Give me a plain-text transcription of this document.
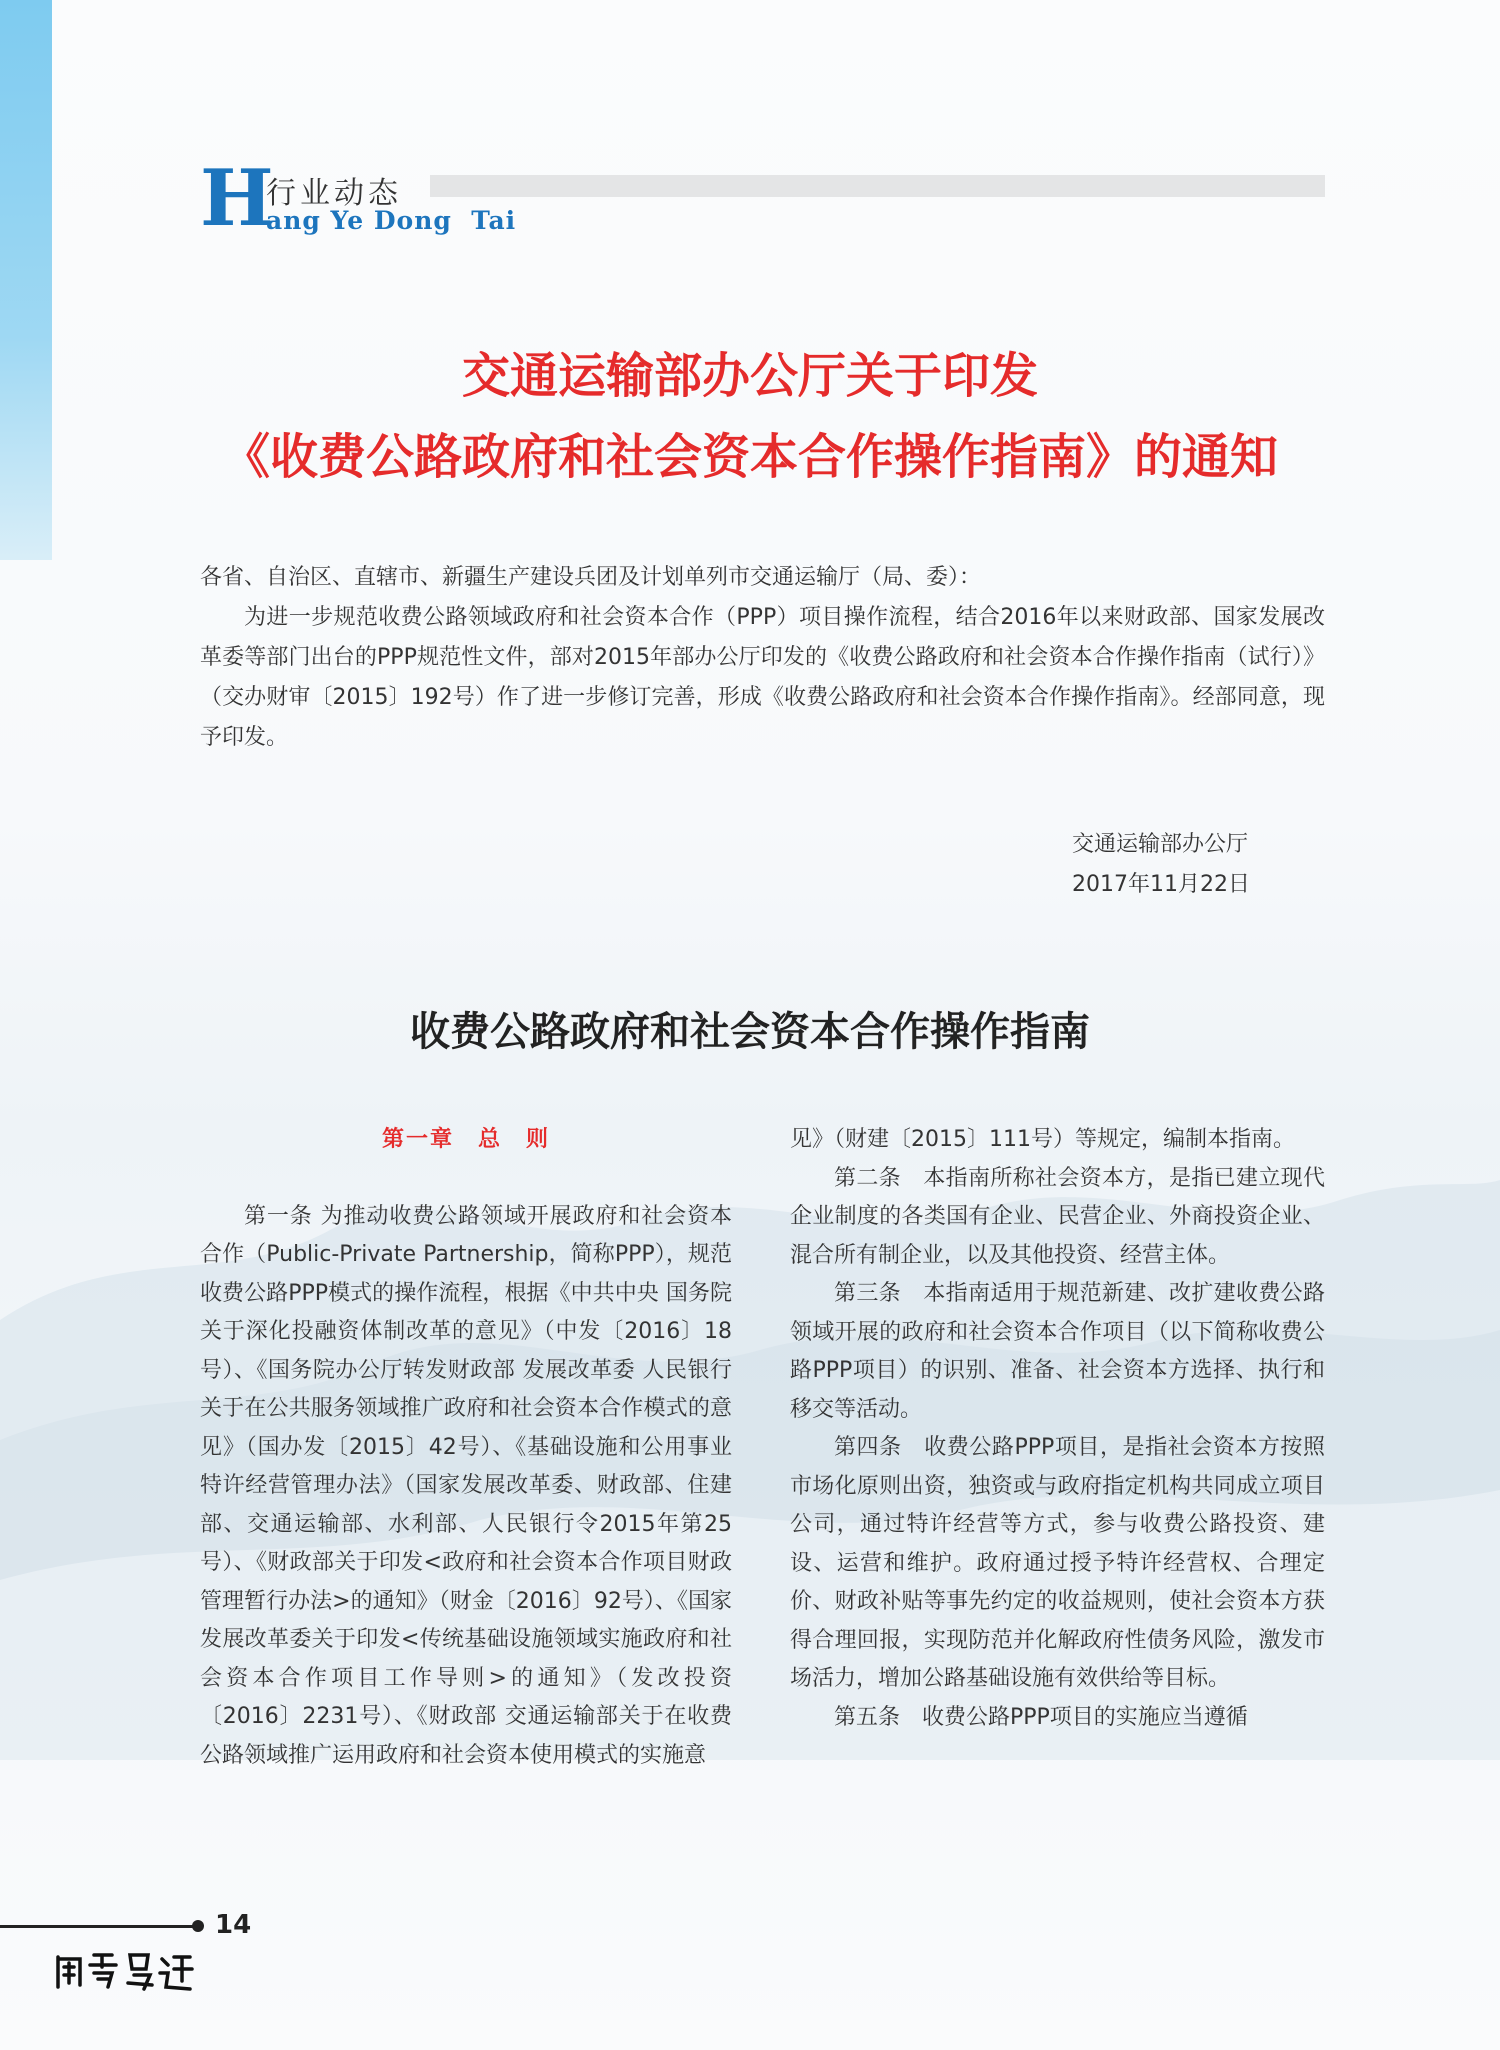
H
行业动态
ang Ye Dong  Tai
交通运输部办公厅关于印发
《收费公路政府和社会资本合作操作指南》的通知
各省、自治区、直辖市、新疆生产建设兵团及计划单列市交通运输厅（局、委）：
为进一步规范收费公路领域政府和社会资本合作（PPP）项目操作流程，结合2016年以来财政部、国家发展改革委等部门出台的PPP规范性文件，部对2015年部办公厅印发的《收费公路政府和社会资本合作操作指南（试行）》（交办财审〔2015〕192号）作了进一步修订完善，形成《收费公路政府和社会资本合作操作指南》。经部同意，现予印发。
交通运输部办公厅
2017年11月22日
收费公路政府和社会资本合作操作指南
第一章　总　则

第一条 为推动收费公路领域开展政府和社会资本合作（Public-Private Partnership，简称PPP），规范收费公路PPP模式的操作流程，根据《中共中央 国务院关于深化投融资体制改革的意见》（中发〔2016〕18号）、《国务院办公厅转发财政部 发展改革委 人民银行关于在公共服务领域推广政府和社会资本合作模式的意见》（国办发〔2015〕42号）、《基础设施和公用事业特许经营管理办法》（国家发展改革委、财政部、住建部、交通运输部、水利部、人民银行令2015年第25号）、《财政部关于印发<政府和社会资本合作项目财政管理暂行办法>的通知》（财金〔2016〕92号）、《国家发展改革委关于印发<传统基础设施领域实施政府和社会资本合作项目工作导则>的通知》（发改投资〔2016〕2231号）、《财政部 交通运输部关于在收费公路领域推广运用政府和社会资本使用模式的实施意

见》（财建〔2015〕111号）等规定，编制本指南。

第二条　本指南所称社会资本方，是指已建立现代企业制度的各类国有企业、民营企业、外商投资企业、混合所有制企业，以及其他投资、经营主体。

第三条　本指南适用于规范新建、改扩建收费公路领域开展的政府和社会资本合作项目（以下简称收费公路PPP项目）的识别、准备、社会资本方选择、执行和移交等活动。

第四条　收费公路PPP项目，是指社会资本方按照市场化原则出资，独资或与政府指定机构共同成立项目公司，通过特许经营等方式，参与收费公路投资、建设、运营和维护。政府通过授予特许经营权、合理定价、财政补贴等事先约定的收益规则，使社会资本方获得合理回报，实现防范并化解政府性债务风险，激发市场活力，增加公路基础设施有效供给等目标。

第五条　收费公路PPP项目的实施应当遵循

14
